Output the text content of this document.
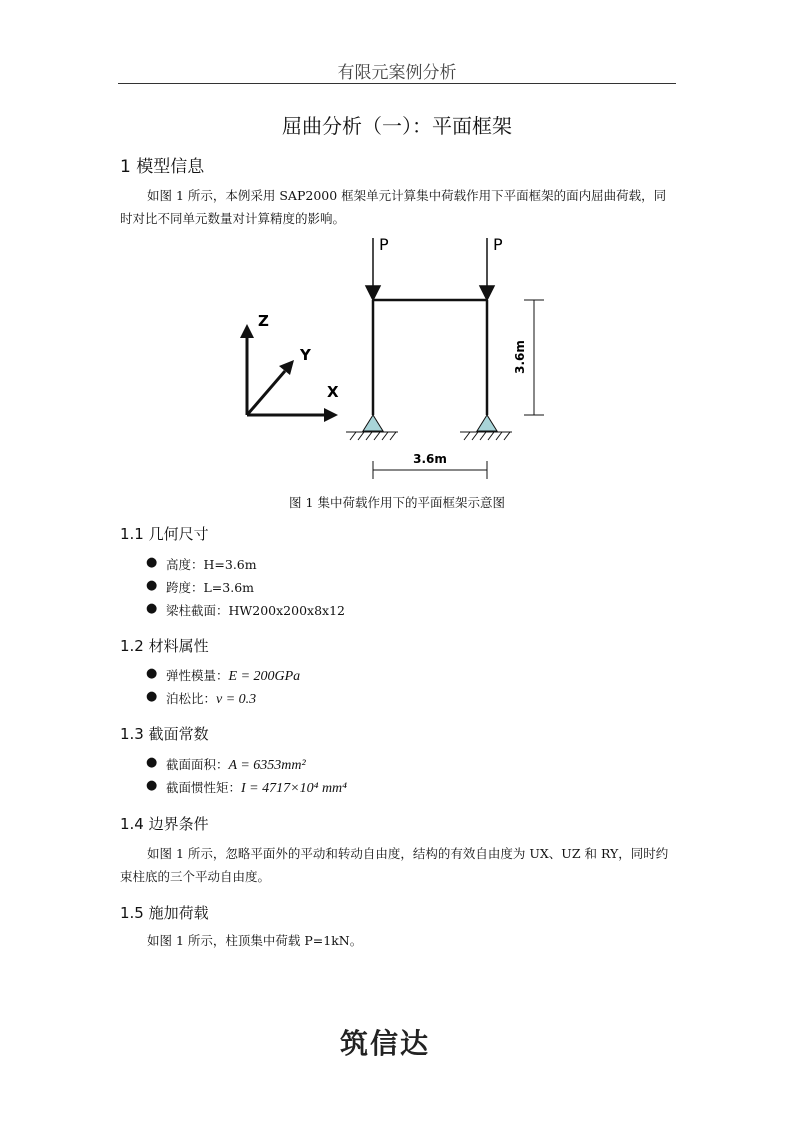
有限元案例分析
屈曲分析（一）：平面框架
1 模型信息
如图 1 所示，本例采用 SAP2000 框架单元计算集中荷载作用下平面框架的面内屈曲荷载，同时对比不同单元数量对计算精度的影响。
P	P
3.6m
3.6m
Z
Y
X
图 1 集中荷载作用下的平面框架示意图
1.1 几何尺寸
● 高度：H=3.6m
● 跨度：L=3.6m
● 梁柱截面：HW200x200x8x12
1.2 材料属性
● 弹性模量：E = 200GPa
● 泊松比：ν = 0.3
1.3 截面常数
● 截面面积：A = 6353mm²
● 截面惯性矩：I = 4717×10⁴ mm⁴
1.4 边界条件
如图 1 所示，忽略平面外的平动和转动自由度，结构的有效自由度为 UX、UZ 和 RY，同时约束柱底的三个平动自由度。
1.5 施加荷载
如图 1 所示，柱顶集中荷载 P=1kN。
筑信达
